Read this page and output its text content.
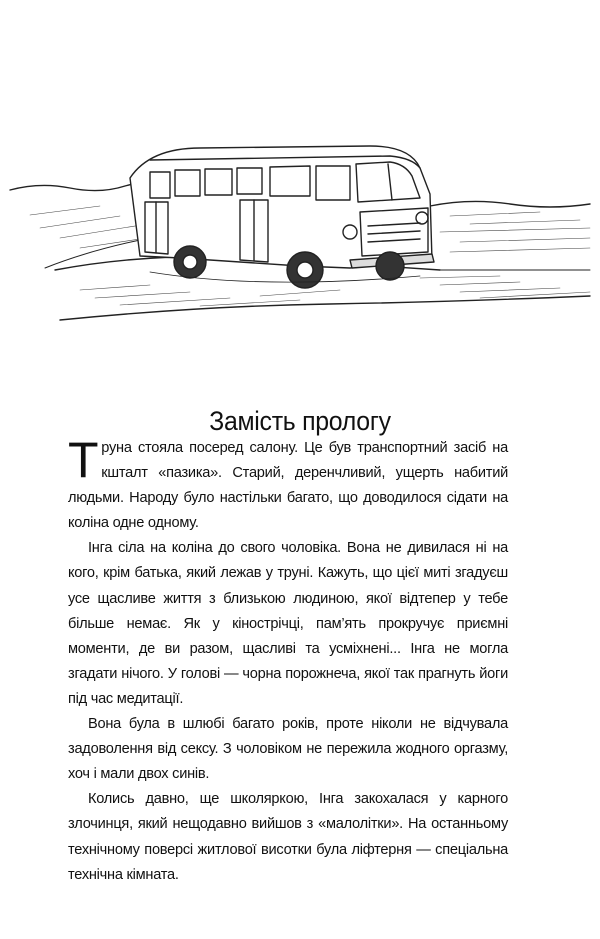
Замість прологу

Труна стояла посеред салону. Це був транспортний засіб на кшталт «пазика». Старий, деренчливий, ущерть набитий людьми. Народу було настільки багато, що доводилося сідати на коліна одне одному.

Інга сіла на коліна до свого чоловіка. Вона не дивилася ні на кого, крім батька, який лежав у труні. Кажуть, що цієї миті згадуєш усе щасливе життя з близькою людиною, якої відтепер у тебе більше немає. Як у кінострічці, пам’ять прокручує приємні моменти, де ви разом, щасливі та усміхнені... Інга не могла згадати нічого. У голові — чорна порожнеча, якої так прагнуть йоги під час медитації.

Вона була в шлюбі багато років, проте ніколи не відчувала задоволення від сексу. З чоловіком не пережила жодного оргазму, хоч і мали двох синів.

Колись давно, ще школяркою, Інга закохалася у карного злочинця, який нещодавно вийшов з «малолітки». На останньому технічному поверсі житлової висотки була ліфтерня — спеціальна технічна кімната.
